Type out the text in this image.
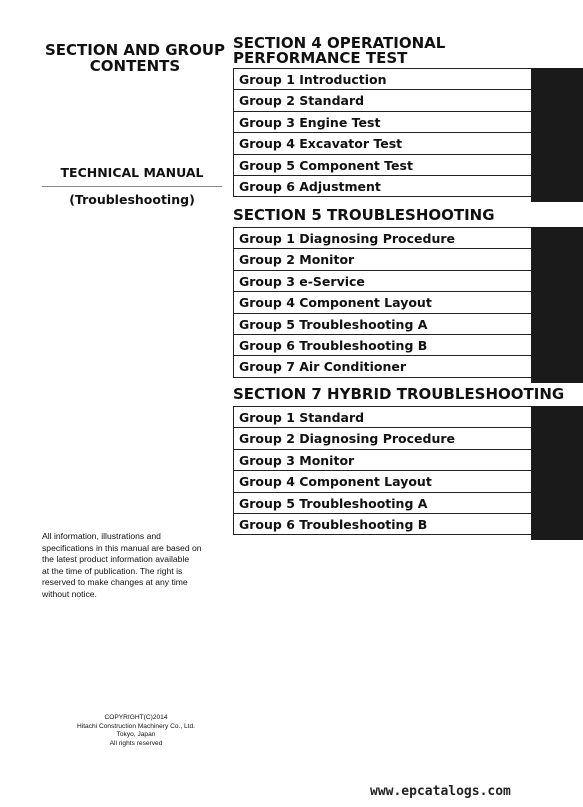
SECTION AND GROUP
CONTENTS
TECHNICAL MANUAL
(Troubleshooting)
All information, illustrations and
specifications in this manual are based on
the latest product information available
at the time of publication. The right is
reserved to make changes at any time
without notice.
COPYRIGHT(C)2014
Hitachi Construction Machinery Co., Ltd.
Tokyo, Japan
All rights reserved
SECTION 4 OPERATIONAL
PERFORMANCE TEST
Group 1 Introduction
Group 2 Standard
Group 3 Engine Test
Group 4 Excavator Test
Group 5 Component Test
Group 6 Adjustment
SECTION 5 TROUBLESHOOTING
Group 1 Diagnosing Procedure
Group 2 Monitor
Group 3 e-Service
Group 4 Component Layout
Group 5 Troubleshooting A
Group 6 Troubleshooting B
Group 7 Air Conditioner
SECTION 7 HYBRID TROUBLESHOOTING
Group 1 Standard
Group 2 Diagnosing Procedure
Group 3 Monitor
Group 4 Component Layout
Group 5 Troubleshooting A
Group 6 Troubleshooting B
www.epcatalogs.com
